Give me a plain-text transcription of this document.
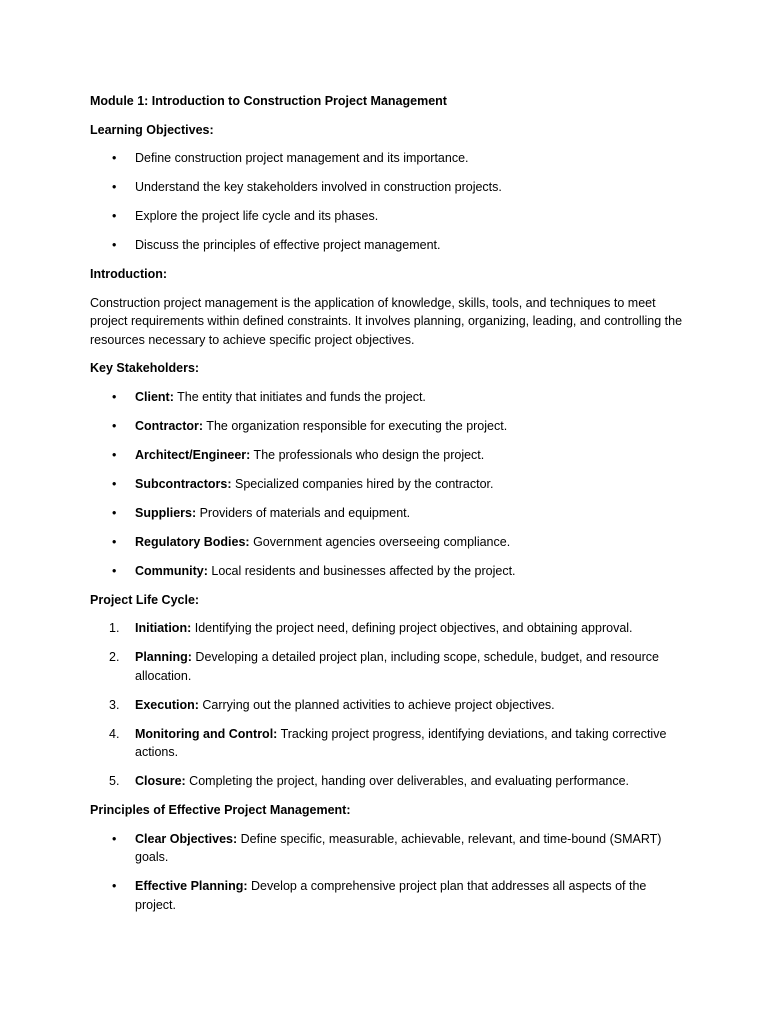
Module 1: Introduction to Construction Project Management
Learning Objectives:
• Define construction project management and its importance.
• Understand the key stakeholders involved in construction projects.
• Explore the project life cycle and its phases.
• Discuss the principles of effective project management.
Introduction:
Construction project management is the application of knowledge, skills, tools, and techniques to meet project requirements within defined constraints. It involves planning, organizing, leading, and controlling the resources necessary to achieve specific project objectives.
Key Stakeholders:
• Client: The entity that initiates and funds the project.
• Contractor: The organization responsible for executing the project.
• Architect/Engineer: The professionals who design the project.
• Subcontractors: Specialized companies hired by the contractor.
• Suppliers: Providers of materials and equipment.
• Regulatory Bodies: Government agencies overseeing compliance.
• Community: Local residents and businesses affected by the project.
Project Life Cycle:
1. Initiation: Identifying the project need, defining project objectives, and obtaining approval.
2. Planning: Developing a detailed project plan, including scope, schedule, budget, and resource allocation.
3. Execution: Carrying out the planned activities to achieve project objectives.
4. Monitoring and Control: Tracking project progress, identifying deviations, and taking corrective actions.
5. Closure: Completing the project, handing over deliverables, and evaluating performance.
Principles of Effective Project Management:
• Clear Objectives: Define specific, measurable, achievable, relevant, and time-bound (SMART) goals.
• Effective Planning: Develop a comprehensive project plan that addresses all aspects of the project.
